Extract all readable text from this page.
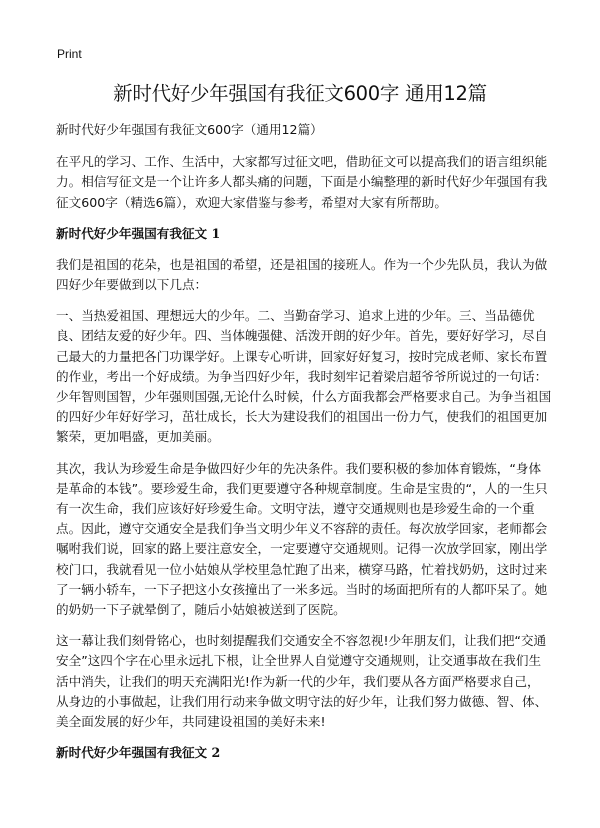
Print
新时代好少年强国有我征文600字 通用12篇

新时代好少年强国有我征文600字（通用12篇）

在平凡的学习、工作、生活中，大家都写过征文吧，借助征文可以提高我们的语言组织能力。相信写征文是一个让许多人都头痛的问题，下面是小编整理的新时代好少年强国有我征文600字（精选6篇），欢迎大家借鉴与参考，希望对大家有所帮助。

新时代好少年强国有我征文 1

我们是祖国的花朵，也是祖国的希望，还是祖国的接班人。作为一个少先队员，我认为做四好少年要做到以下几点：

一、当热爱祖国、理想远大的少年。二、当勤奋学习、追求上进的少年。三、当品德优良、团结友爱的好少年。四、当体魄强健、活泼开朗的好少年。首先，要好好学习，尽自己最大的力量把各门功课学好。上课专心听讲，回家好好复习，按时完成老师、家长布置的作业，考出一个好成绩。为争当四好少年，我时刻牢记着梁启超爷爷所说过的一句话：少年智则国智，少年强则国强,无论什么时候，什么方面我都会严格要求自己。为争当祖国的四好少年好好学习，茁壮成长，长大为建设我们的祖国出一份力气，使我们的祖国更加繁荣，更加唱盛，更加美丽。

其次，我认为珍爱生命是争做四好少年的先决条件。我们要积极的参加体育锻炼，“身体是革命的本钱”。要珍爱生命，我们更要遵守各种规章制度。生命是宝贵的“，人的一生只有一次生命，我们应该好好珍爱生命。文明守法，遵守交通规则也是珍爱生命的一个重点。因此，遵守交通安全是我们争当文明少年义不容辞的责任。每次放学回家，老师都会嘱咐我们说，回家的路上要注意安全，一定要遵守交通规则。记得一次放学回家，刚出学校门口，我就看见一位小姑娘从学校里急忙跑了出来，横穿马路，忙着找奶奶，这时过来了一辆小轿车，一下子把这小女孩撞出了一米多远。当时的场面把所有的人都吓呆了。她的奶奶一下子就晕倒了，随后小姑娘被送到了医院。

这一幕让我们刻骨铭心，也时刻提醒我们交通安全不容忽视!少年朋友们，让我们把“交通安全”这四个字在心里永远扎下根，让全世界人自觉遵守交通规则，让交通事故在我们生活中消失，让我们的明天充满阳光!作为新一代的少年，我们要从各方面严格要求自己，从身边的小事做起，让我们用行动来争做文明守法的好少年，让我们努力做德、智、体、美全面发展的好少年，共同建设祖国的美好未来!

新时代好少年强国有我征文 2
